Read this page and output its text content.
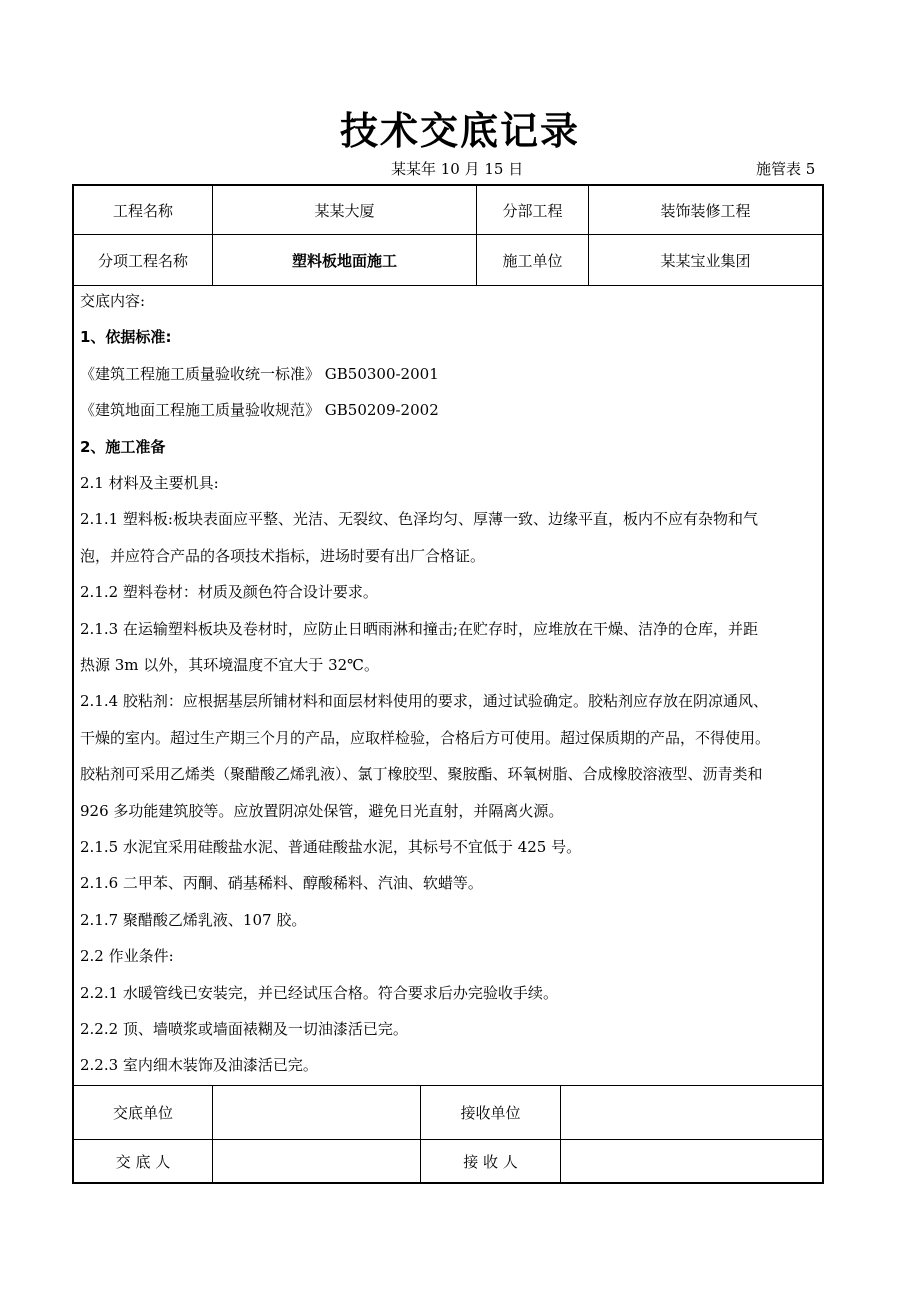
技术交底记录
某某年 10 月 15 日	施管表 5
工程名称	某某大厦	分部工程	装饰装修工程
分项工程名称	塑料板地面施工	施工单位	某某宝业集团
交底内容:
1、依据标准:
《建筑工程施工质量验收统一标准》 GB50300-2001
《建筑地面工程施工质量验收规范》 GB50209-2002
2、施工准备
2.1 材料及主要机具:
2.1.1 塑料板:板块表面应平整、光洁、无裂纹、色泽均匀、厚薄一致、边缘平直，板内不应有杂物和气
泡，并应符合产品的各项技术指标，进场时要有出厂合格证。
2.1.2 塑料卷材：材质及颜色符合设计要求。
2.1.3 在运输塑料板块及卷材时，应防止日晒雨淋和撞击;在贮存时，应堆放在干燥、洁净的仓库，并距
热源 3m 以外，其环境温度不宜大于 32℃。
2.1.4 胶粘剂：应根据基层所铺材料和面层材料使用的要求，通过试验确定。胶粘剂应存放在阴凉通风、
干燥的室内。超过生产期三个月的产品，应取样检验，合格后方可使用。超过保质期的产品，不得使用。
胶粘剂可采用乙烯类（聚醋酸乙烯乳液）、氯丁橡胶型、聚胺酯、环氧树脂、合成橡胶溶液型、沥青类和
926 多功能建筑胶等。应放置阴凉处保管，避免日光直射，并隔离火源。
2.1.5 水泥宜采用硅酸盐水泥、普通硅酸盐水泥，其标号不宜低于 425 号。
2.1.6 二甲苯、丙酮、硝基稀料、醇酸稀料、汽油、软蜡等。
2.1.7 聚醋酸乙烯乳液、107 胶。
2.2 作业条件:
2.2.1 水暖管线已安装完，并已经试压合格。符合要求后办完验收手续。
2.2.2 顶、墙喷浆或墙面裱糊及一切油漆活已完。
2.2.3 室内细木装饰及油漆活已完。
交底单位	接收单位
交 底 人	接 收 人
